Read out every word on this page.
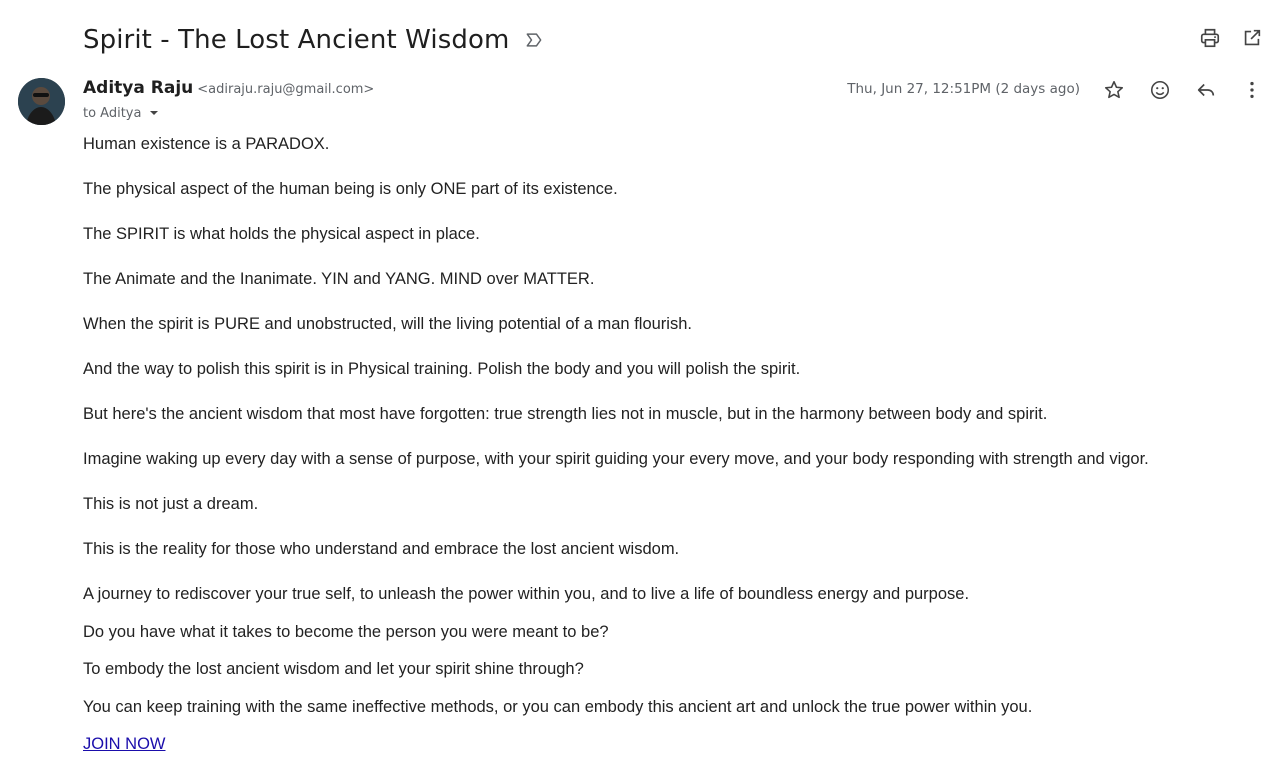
Spirit - The Lost Ancient Wisdom
Aditya Raju <adiraju.raju@gmail.com>
to Aditya
Thu, Jun 27, 12:51PM (2 days ago)
Human existence is a PARADOX.
The physical aspect of the human being is only ONE part of its existence.
The SPIRIT is what holds the physical aspect in place.
The Animate and the Inanimate. YIN and YANG. MIND over MATTER.
When the spirit is PURE and unobstructed, will the living potential of a man flourish.
And the way to polish this spirit is in Physical training. Polish the body and you will polish the spirit.
But here's the ancient wisdom that most have forgotten: true strength lies not in muscle, but in the harmony between body and spirit.
Imagine waking up every day with a sense of purpose, with your spirit guiding your every move, and your body responding with strength and vigor.
This is not just a dream.
This is the reality for those who understand and embrace the lost ancient wisdom.
A journey to rediscover your true self, to unleash the power within you, and to live a life of boundless energy and purpose.
Do you have what it takes to become the person you were meant to be?
To embody the lost ancient wisdom and let your spirit shine through?
You can keep training with the same ineffective methods, or you can embody this ancient art and unlock the true power within you.
JOIN NOW
